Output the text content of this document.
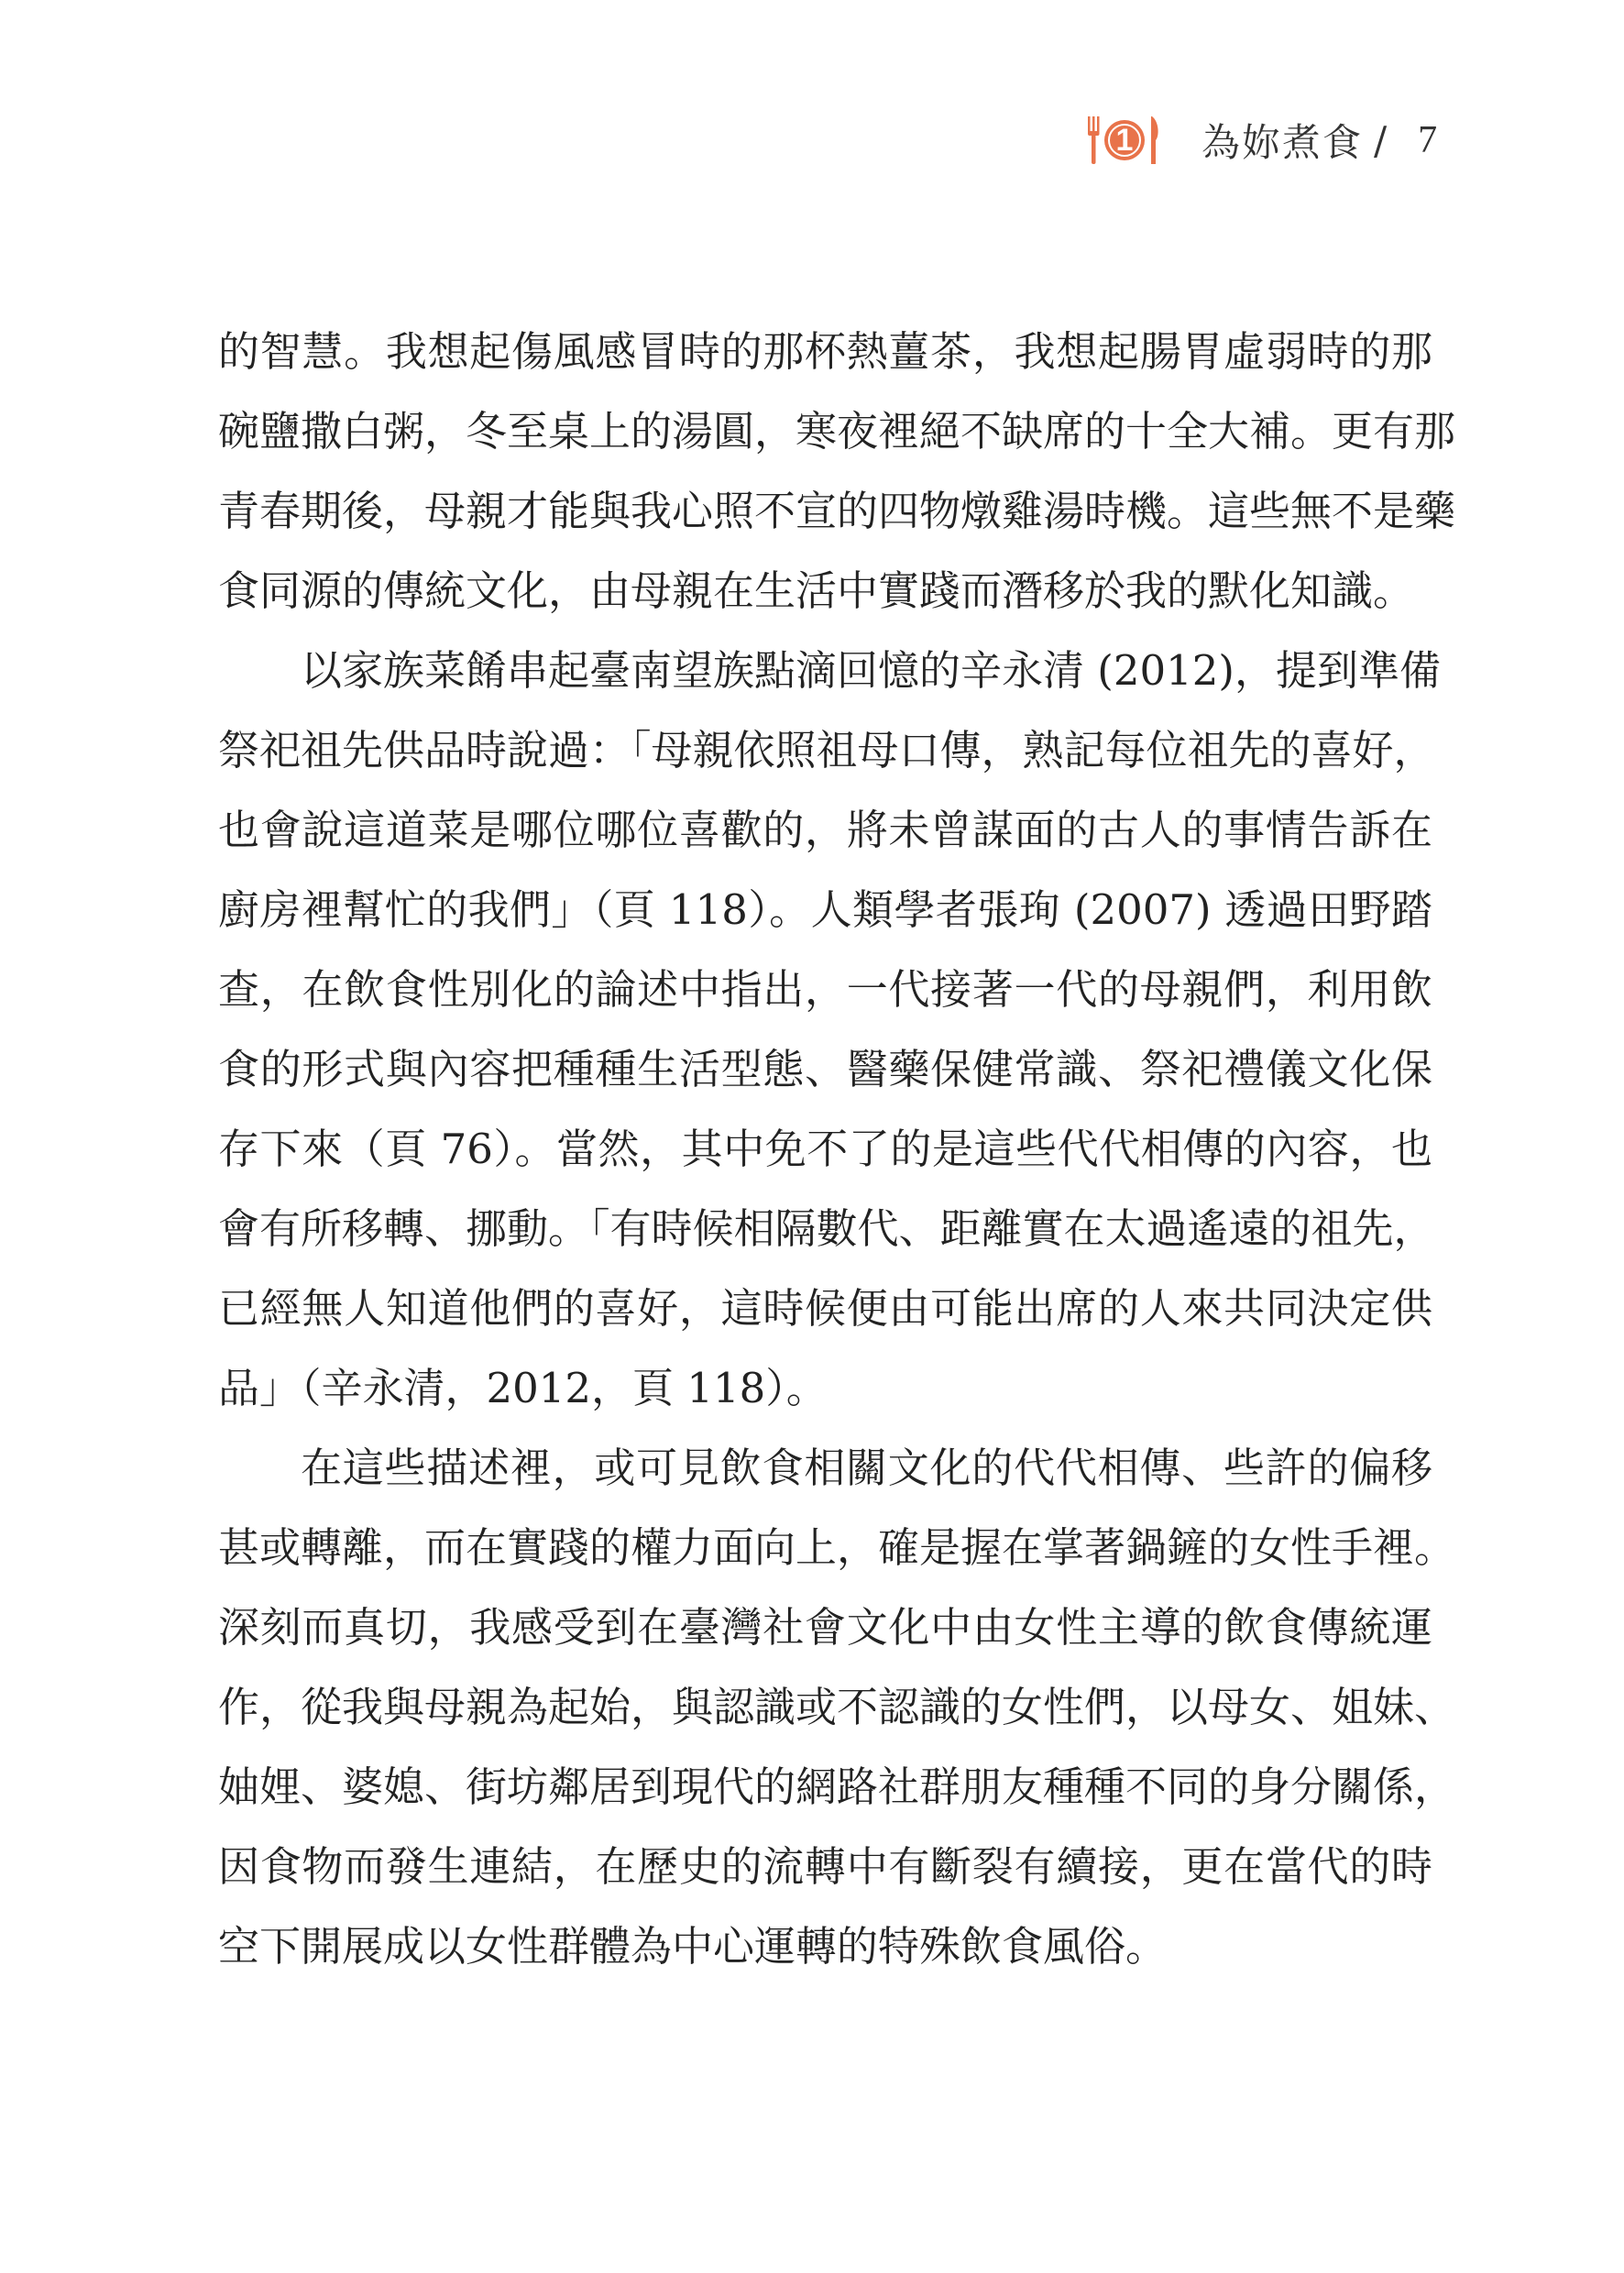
1 為妳煮食 / 7

的智慧。我想起傷風感冒時的那杯熱薑茶，我想起腸胃虛弱時的那
碗鹽撒白粥，冬至桌上的湯圓，寒夜裡絕不缺席的十全大補。更有那
青春期後，母親才能與我心照不宣的四物燉雞湯時機。這些無不是藥
食同源的傳統文化，由母親在生活中實踐而潛移於我的默化知識。

以家族菜餚串起臺南望族點滴回憶的辛永清 (2012)，提到準備
祭祀祖先供品時說過：「母親依照祖母口傳，熟記每位祖先的喜好，
也會說這道菜是哪位哪位喜歡的，將未曾謀面的古人的事情告訴在
廚房裡幫忙的我們」（頁 118）。人類學者張珣 (2007) 透過田野踏
查，在飲食性別化的論述中指出，一代接著一代的母親們，利用飲
食的形式與內容把種種生活型態、醫藥保健常識、祭祀禮儀文化保
存下來（頁 76）。當然，其中免不了的是這些代代相傳的內容，也
會有所移轉、挪動。「有時候相隔數代、距離實在太過遙遠的祖先，
已經無人知道他們的喜好，這時候便由可能出席的人來共同決定供
品」（辛永清，2012，頁 118）。

在這些描述裡，或可見飲食相關文化的代代相傳、些許的偏移
甚或轉離，而在實踐的權力面向上，確是握在掌著鍋鏟的女性手裡。
深刻而真切，我感受到在臺灣社會文化中由女性主導的飲食傳統運
作，從我與母親為起始，與認識或不認識的女性們，以母女、姐妹、
妯娌、婆媳、街坊鄰居到現代的網路社群朋友種種不同的身分關係，
因食物而發生連結，在歷史的流轉中有斷裂有續接，更在當代的時
空下開展成以女性群體為中心運轉的特殊飲食風俗。
